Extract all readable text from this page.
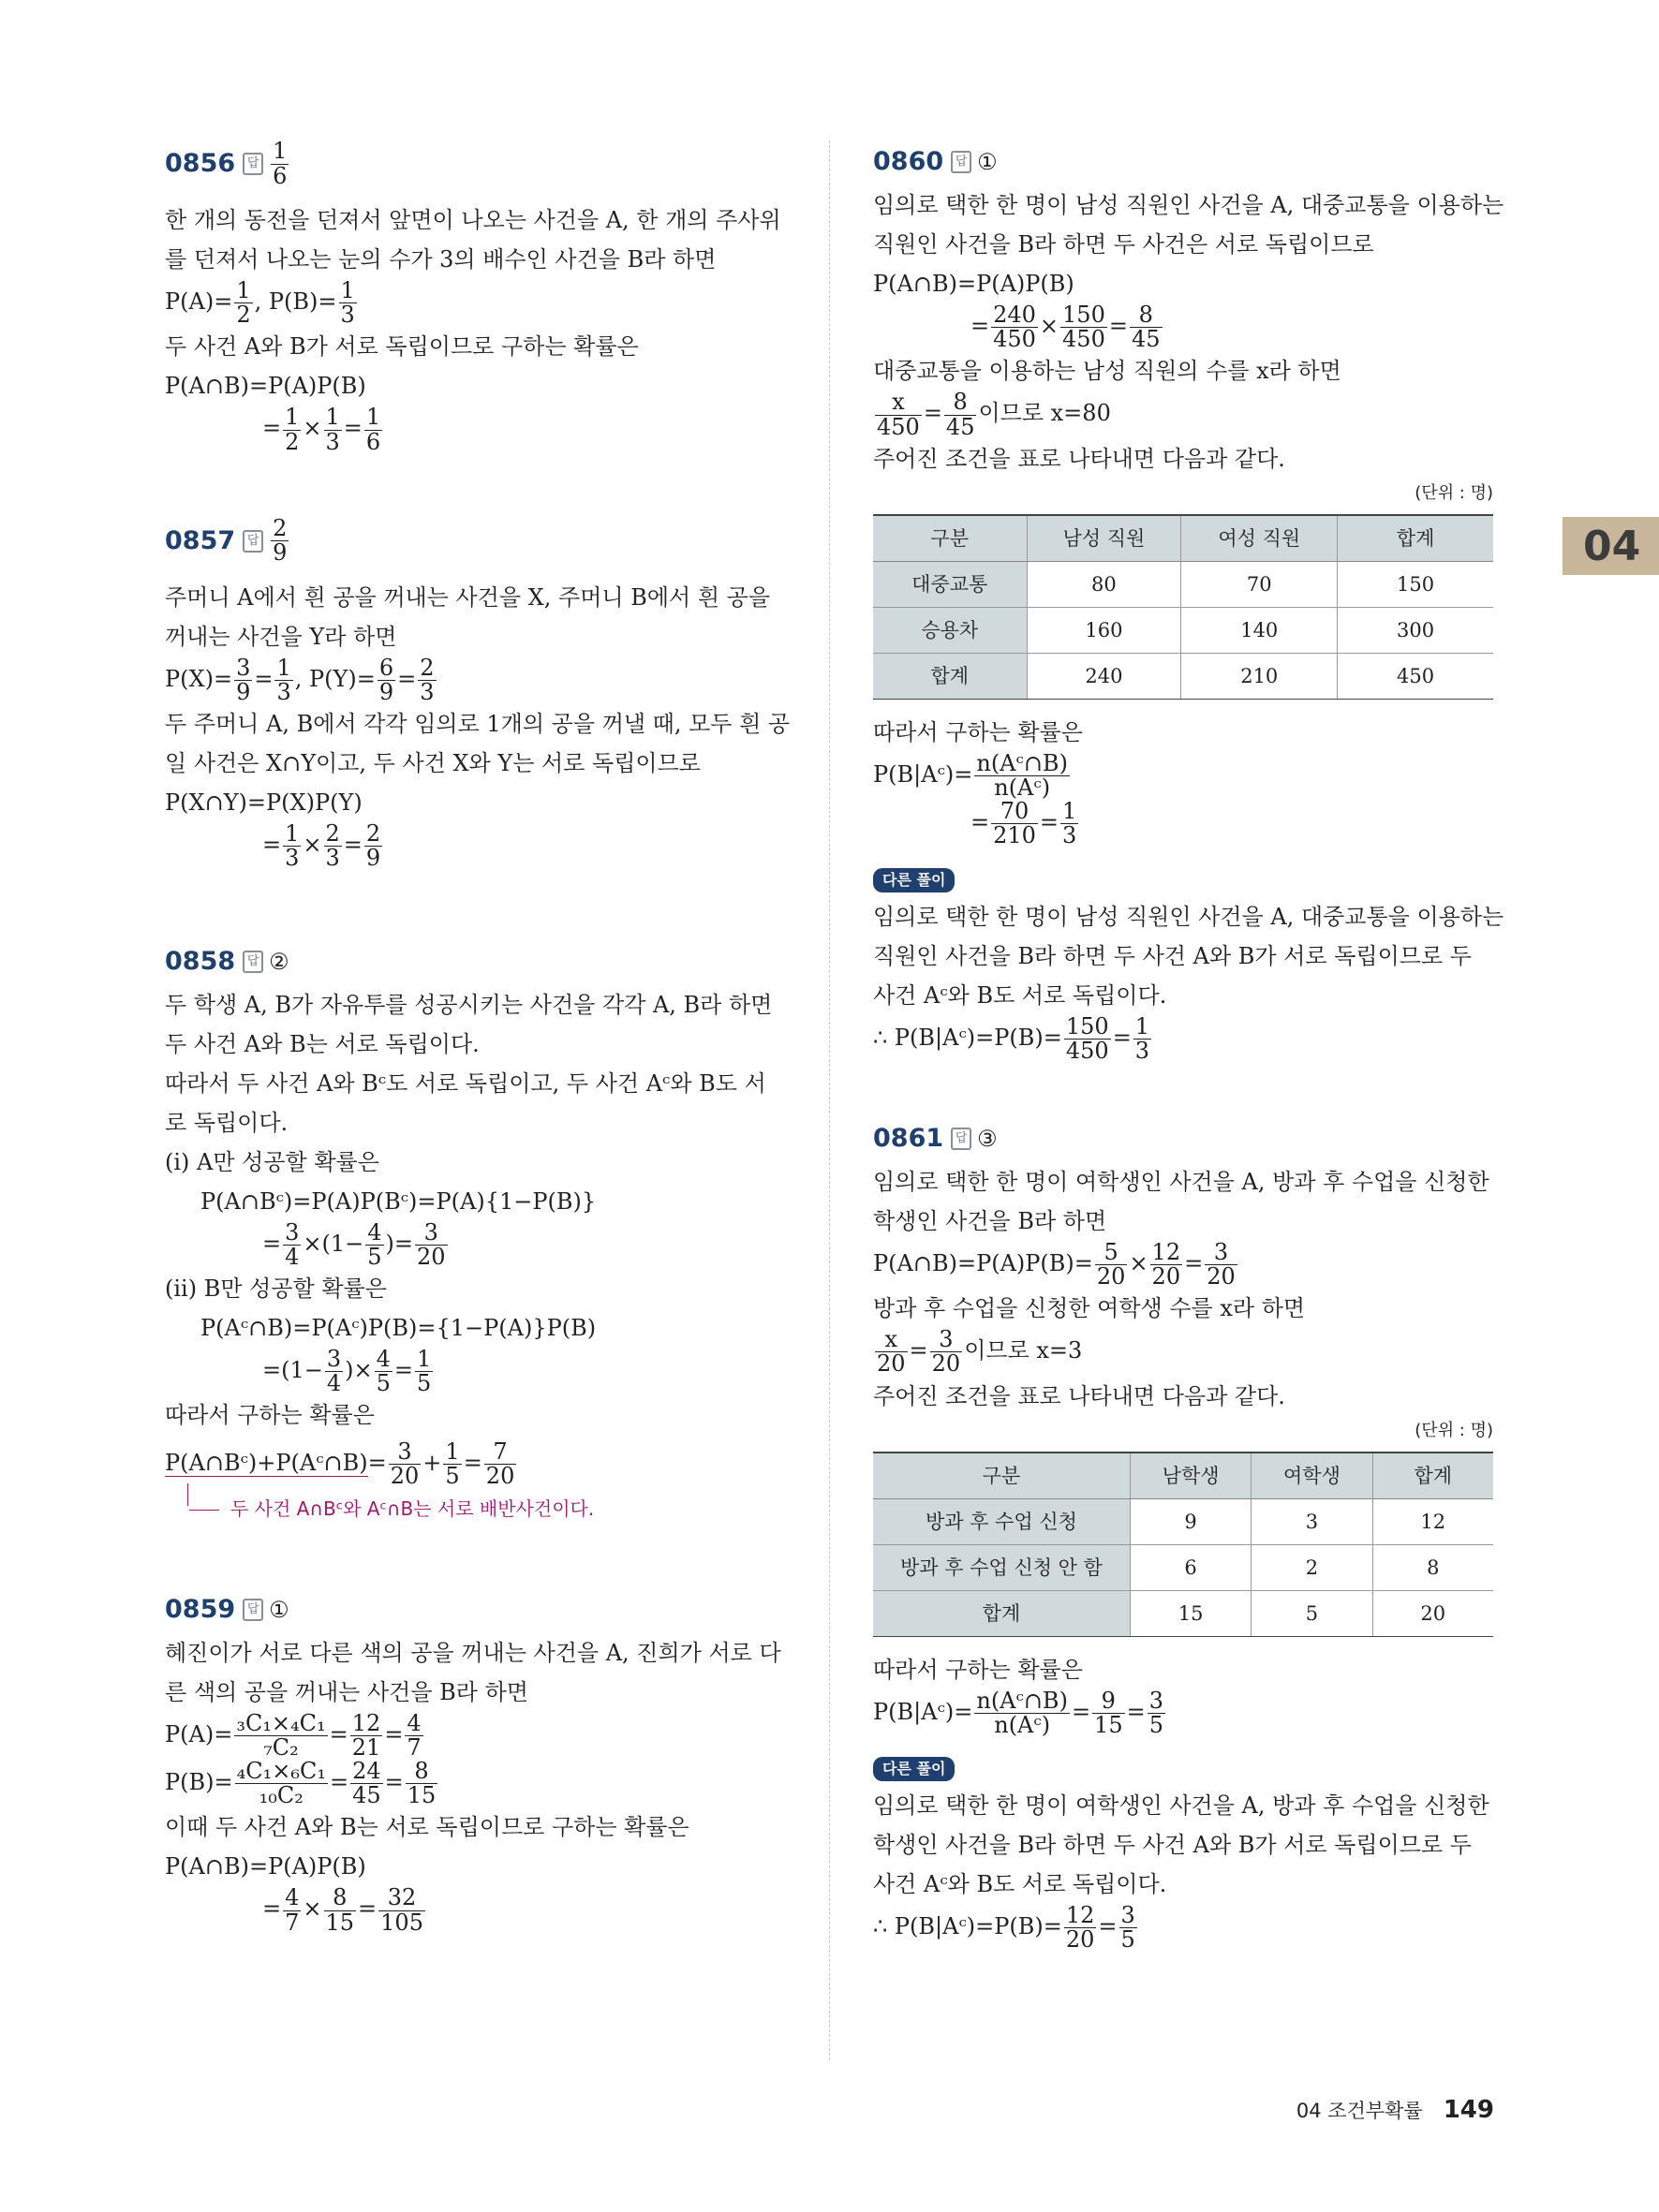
04
0856 답 $\frac{1}{6}$
한 개의 동전을 던져서 앞면이 나오는 사건을 A, 한 개의 주사위
를 던져서 나오는 눈의 수가 3의 배수인 사건을 B라 하면
$P(A)= \frac{1}{2}$ , $P(B)= \frac{1}{3}$
두 사건 A와 B가 서로 독립이므로 구하는 확률은
P(A∩B)=P(A)P(B)
= $\frac{1}{2} \times \frac{1}{3} = \frac{1}{6}$
0857 답 $\frac{2}{9}$
주머니 A에서 흰 공을 꺼내는 사건을 X, 주머니 B에서 흰 공을
꺼내는 사건을 Y라 하면
$P(X)= \frac{3}{9} = \frac{1}{3}$ , $P(Y)= \frac{6}{9} = \frac{2}{3}$
두 주머니 A, B에서 각각 임의로 1개의 공을 꺼낼 때, 모두 흰 공
일 사건은 X∩Y이고, 두 사건 X와 Y는 서로 독립이므로
P(X∩Y)=P(X)P(Y)
= $\frac{1}{3} \times \frac{2}{3} = \frac{2}{9}$
0858 답 ②
두 학생 A, B가 자유투를 성공시키는 사건을 각각 A, B라 하면
두 사건 A와 B는 서로 독립이다.
따라서 두 사건 A와 Bᶜ도 서로 독립이고, 두 사건 Aᶜ와 B도 서
로 독립이다.
(i) A만 성공할 확률은
P(A∩Bᶜ)=P(A)P(Bᶜ)=P(A){1−P(B)}
= $\frac{3}{4} \times(1- \frac{4}{5}$ )= $\frac{3}{20}$
(ii) B만 성공할 확률은
P(Aᶜ∩B)=P(Aᶜ)P(B)={1−P(A)}P(B)
$=(1- \frac{3}{4}$ )× $\frac{4}{5} = \frac{1}{5}$
따라서 구하는 확률은
P(A∩Bᶜ)+P(Aᶜ∩B)= $\frac{3}{20} + \frac{1}{5} = \frac{7}{20}$
두 사건 A∩Bᶜ와 Aᶜ∩B는 서로 배반사건이다.
0859 답 ①
혜진이가 서로 다른 색의 공을 꺼내는 사건을 A, 진희가 서로 다
른 색의 공을 꺼내는 사건을 B라 하면
$P(A)= \frac{\text{₃C₁×₄C₁}}{\text{₇C₂}} = \frac{12}{21} = \frac{4}{7}$
$P(B)= \frac{\text{₄C₁×₆C₁}}{\text{₁₀C₂}} = \frac{24}{45} = \frac{8}{15}$
이때 두 사건 A와 B는 서로 독립이므로 구하는 확률은
P(A∩B)=P(A)P(B)
= $\frac{4}{7} \times \frac{8}{15} = \frac{32}{105}$
0860 답 ①
임의로 택한 한 명이 남성 직원인 사건을 A, 대중교통을 이용하는
직원인 사건을 B라 하면 두 사건은 서로 독립이므로
P(A∩B)=P(A)P(B)
= $\frac{240}{450} \times \frac{150}{450} = \frac{8}{45}$
대중교통을 이용하는 남성 직원의 수를 x라 하면
$\frac{x}{450} = \frac{8}{45}$ 이므로 x=80
주어진 조건을 표로 나타내면 다음과 같다.
(단위 : 명)
구분	남성 직원	여성 직원	합계
대중교통	80	70	150
승용차	160	140	300
합계	240	210	450
따라서 구하는 확률은
P(B|Aᶜ)= $\frac{\text{n(Aᶜ∩B)}}{\text{n(Aᶜ)}}$
= $\frac{70}{210} = \frac{1}{3}$
다른 풀이
임의로 택한 한 명이 남성 직원인 사건을 A, 대중교통을 이용하는
직원인 사건을 B라 하면 두 사건 A와 B가 서로 독립이므로 두
사건 Aᶜ와 B도 서로 독립이다.
∴ P(B|Aᶜ)=P(B)= $\frac{150}{450} = \frac{1}{3}$
0861 답 ③
임의로 택한 한 명이 여학생인 사건을 A, 방과 후 수업을 신청한
학생인 사건을 B라 하면
P(A∩B)=P(A)P(B)= $\frac{5}{20} \times \frac{12}{20} = \frac{3}{20}$
방과 후 수업을 신청한 여학생 수를 x라 하면
$\frac{x}{20} = \frac{3}{20}$ 이므로 x=3
주어진 조건을 표로 나타내면 다음과 같다.
(단위 : 명)
구분	남학생	여학생	합계
방과 후 수업 신청	9	3	12
방과 후 수업 신청 안 함	6	2	8
합계	15	5	20
따라서 구하는 확률은
P(B|Aᶜ)= $\frac{\text{n(Aᶜ∩B)}}{\text{n(Aᶜ)}} = \frac{9}{15} = \frac{3}{5}$
다른 풀이
임의로 택한 한 명이 여학생인 사건을 A, 방과 후 수업을 신청한
학생인 사건을 B라 하면 두 사건 A와 B가 서로 독립이므로 두
사건 Aᶜ와 B도 서로 독립이다.
∴ P(B|Aᶜ)=P(B)= $\frac{12}{20} = \frac{3}{5}$
04 조건부확률 149
